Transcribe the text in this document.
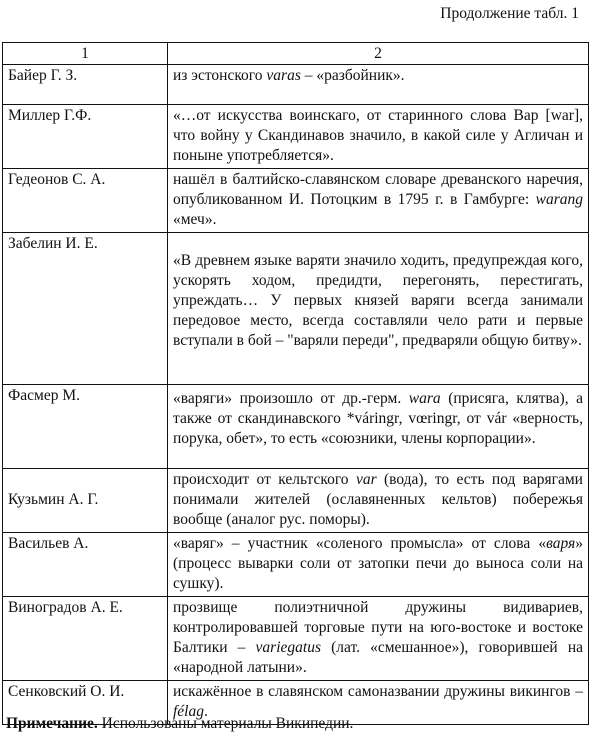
Продолжение табл. 1
1	2
Байер Г. З.	из эстонского varas – «разбойник».
Миллер Г.Ф.	«…от искусства воинскаго, от старинного слова Вар [war], что войну у Скандинавов значило, в какой силе у Агличан и поныне употребляется».
Гедеонов С. А.	нашёл в балтийско-славянском словаре древанского наречия, опубликованном И. Потоцким в 1795 г. в Гамбурге: warang «меч».
Забелин И. Е.	«В древнем языке варяти значило ходить, предупреждая кого, ускорять ходом, предидти, перегонять, перестигать, упреждать… У первых князей варяги всегда занимали передовое место, всегда составляли чело рати и первые вступали в бой – "варяли переди", предваряли общую битву».
Фасмер М.	«варяги» произошло от др.-герм. wara (присяга, клятва), а также от скандинавского *váringr, vœringr, от vár «верность, порука, обет», то есть «союзники, члены корпорации».
Кузьмин А. Г.	происходит от кельтского var (вода), то есть под варягами понимали жителей (ославяненных кельтов) побережья вообще (аналог рус. поморы).
Васильев А.	«варяг» – участник «соленого промысла» от слова «варя» (процесс выварки соли от затопки печи до выноса соли на сушку).
Виноградов А. Е.	прозвище полиэтничной дружины видивариев, контролировавшей торговые пути на юго-востоке и востоке Балтики – variegatus (лат. «смешанное»), говорившей на «народной латыни».
Сенковский О. И.	искажённое в славянском самоназвании дружины викингов – félag.
Примечание. Использованы материалы Википедии.
